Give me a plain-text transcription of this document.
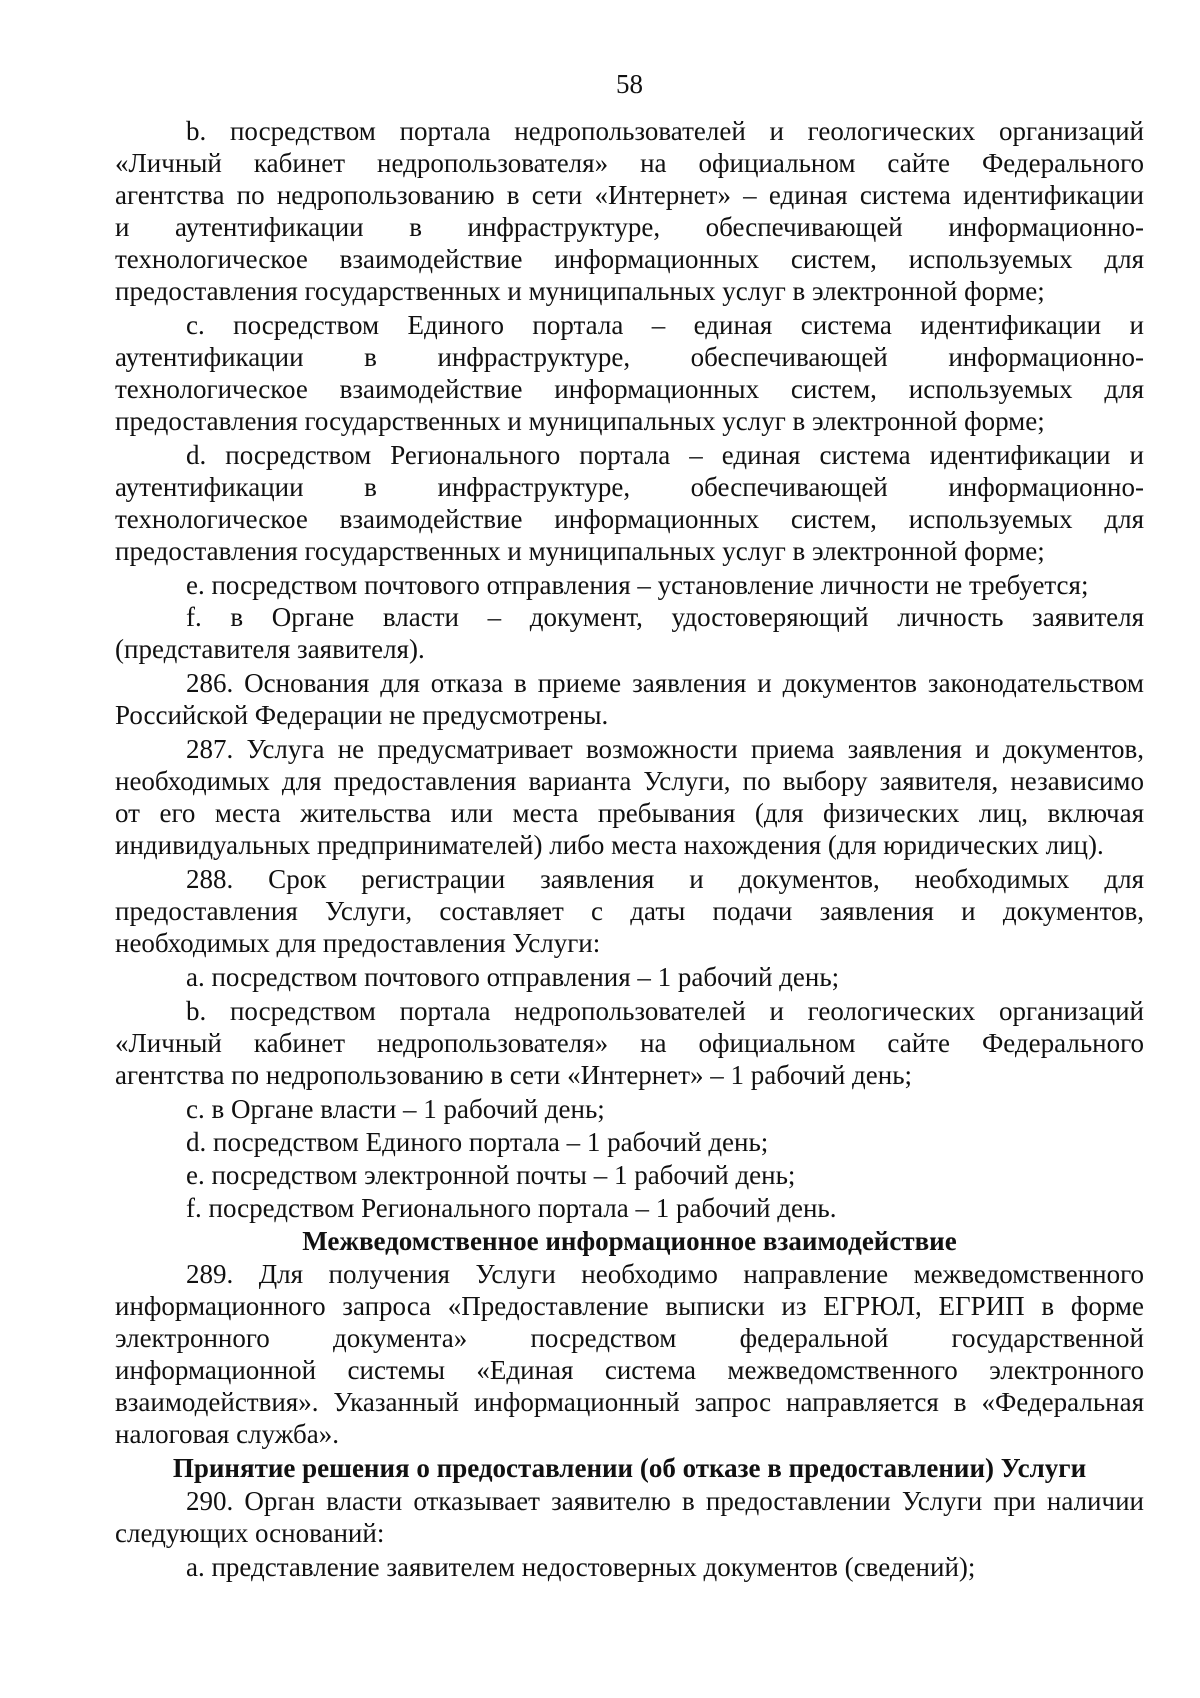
58
b. посредством портала недропользователей и геологических организаций
«Личный кабинет недропользователя» на официальном сайте Федерального
агентства по недропользованию в сети «Интернет» – единая система идентификации
и аутентификации в инфраструктуре, обеспечивающей информационно-
технологическое взаимодействие информационных систем, используемых для
предоставления государственных и муниципальных услуг в электронной форме;
c. посредством Единого портала – единая система идентификации и
аутентификации в инфраструктуре, обеспечивающей информационно-
технологическое взаимодействие информационных систем, используемых для
предоставления государственных и муниципальных услуг в электронной форме;
d. посредством Регионального портала – единая система идентификации и
аутентификации в инфраструктуре, обеспечивающей информационно-
технологическое взаимодействие информационных систем, используемых для
предоставления государственных и муниципальных услуг в электронной форме;
e. посредством почтового отправления – установление личности не требуется;
f. в Органе власти – документ, удостоверяющий личность заявителя
(представителя заявителя).
286. Основания для отказа в приеме заявления и документов законодательством
Российской Федерации не предусмотрены.
287. Услуга не предусматривает возможности приема заявления и документов,
необходимых для предоставления варианта Услуги, по выбору заявителя, независимо
от его места жительства или места пребывания (для физических лиц, включая
индивидуальных предпринимателей) либо места нахождения (для юридических лиц).
288. Срок регистрации заявления и документов, необходимых для
предоставления Услуги, составляет с даты подачи заявления и документов,
необходимых для предоставления Услуги:
a. посредством почтового отправления – 1 рабочий день;
b. посредством портала недропользователей и геологических организаций
«Личный кабинет недропользователя» на официальном сайте Федерального
агентства по недропользованию в сети «Интернет» – 1 рабочий день;
c. в Органе власти – 1 рабочий день;
d. посредством Единого портала – 1 рабочий день;
e. посредством электронной почты – 1 рабочий день;
f. посредством Регионального портала – 1 рабочий день.
Межведомственное информационное взаимодействие
289. Для получения Услуги необходимо направление межведомственного
информационного запроса «Предоставление выписки из ЕГРЮЛ, ЕГРИП в форме
электронного документа» посредством федеральной государственной
информационной системы «Единая система межведомственного электронного
взаимодействия». Указанный информационный запрос направляется в «Федеральная
налоговая служба».
Принятие решения о предоставлении (об отказе в предоставлении) Услуги
290. Орган власти отказывает заявителю в предоставлении Услуги при наличии
следующих оснований:
a. представление заявителем недостоверных документов (сведений);
